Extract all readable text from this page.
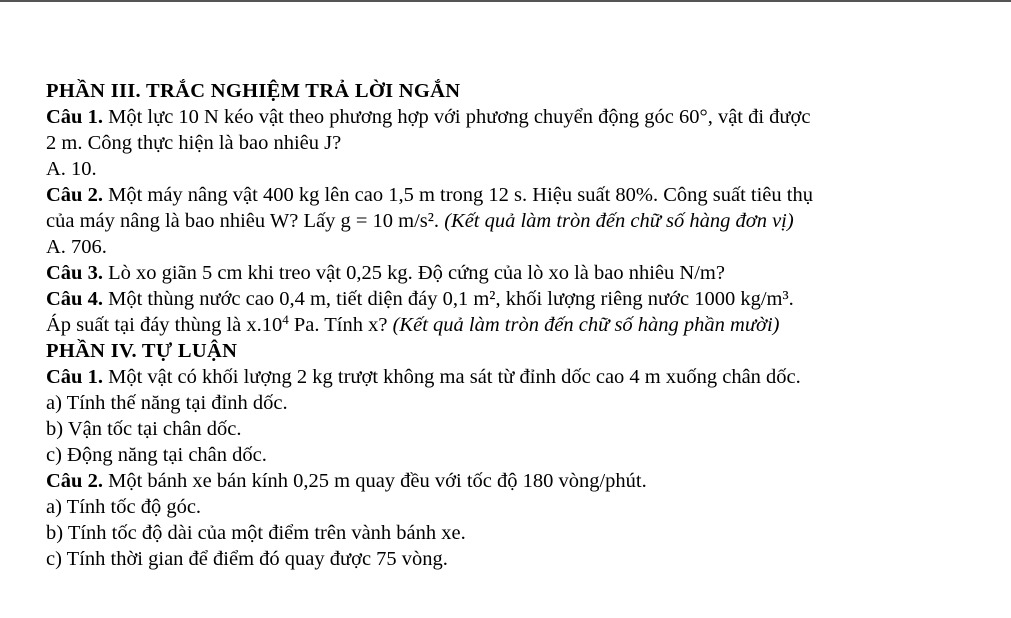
PHẦN III. TRẮC NGHIỆM TRẢ LỜI NGẮN
Câu 1. Một lực 10 N kéo vật theo phương hợp với phương chuyển động góc 60°, vật đi được
2 m. Công thực hiện là bao nhiêu J?
A. 10.
Câu 2. Một máy nâng vật 400 kg lên cao 1,5 m trong 12 s. Hiệu suất 80%. Công suất tiêu thụ
của máy nâng là bao nhiêu W? Lấy g = 10 m/s². (Kết quả làm tròn đến chữ số hàng đơn vị)
A. 706.
Câu 3. Lò xo giãn 5 cm khi treo vật 0,25 kg. Độ cứng của lò xo là bao nhiêu N/m?
Câu 4. Một thùng nước cao 0,4 m, tiết diện đáy 0,1 m², khối lượng riêng nước 1000 kg/m³.
Áp suất tại đáy thùng là $x.10^4$ Pa. Tính x? (Kết quả làm tròn đến chữ số hàng phần mười)
PHẦN IV. TỰ LUẬN
Câu 1. Một vật có khối lượng 2 kg trượt không ma sát từ đỉnh dốc cao 4 m xuống chân dốc.
a) Tính thế năng tại đỉnh dốc.
b) Vận tốc tại chân dốc.
c) Động năng tại chân dốc.
Câu 2. Một bánh xe bán kính 0,25 m quay đều với tốc độ 180 vòng/phút.
a) Tính tốc độ góc.
b) Tính tốc độ dài của một điểm trên vành bánh xe.
c) Tính thời gian để điểm đó quay được 75 vòng.
